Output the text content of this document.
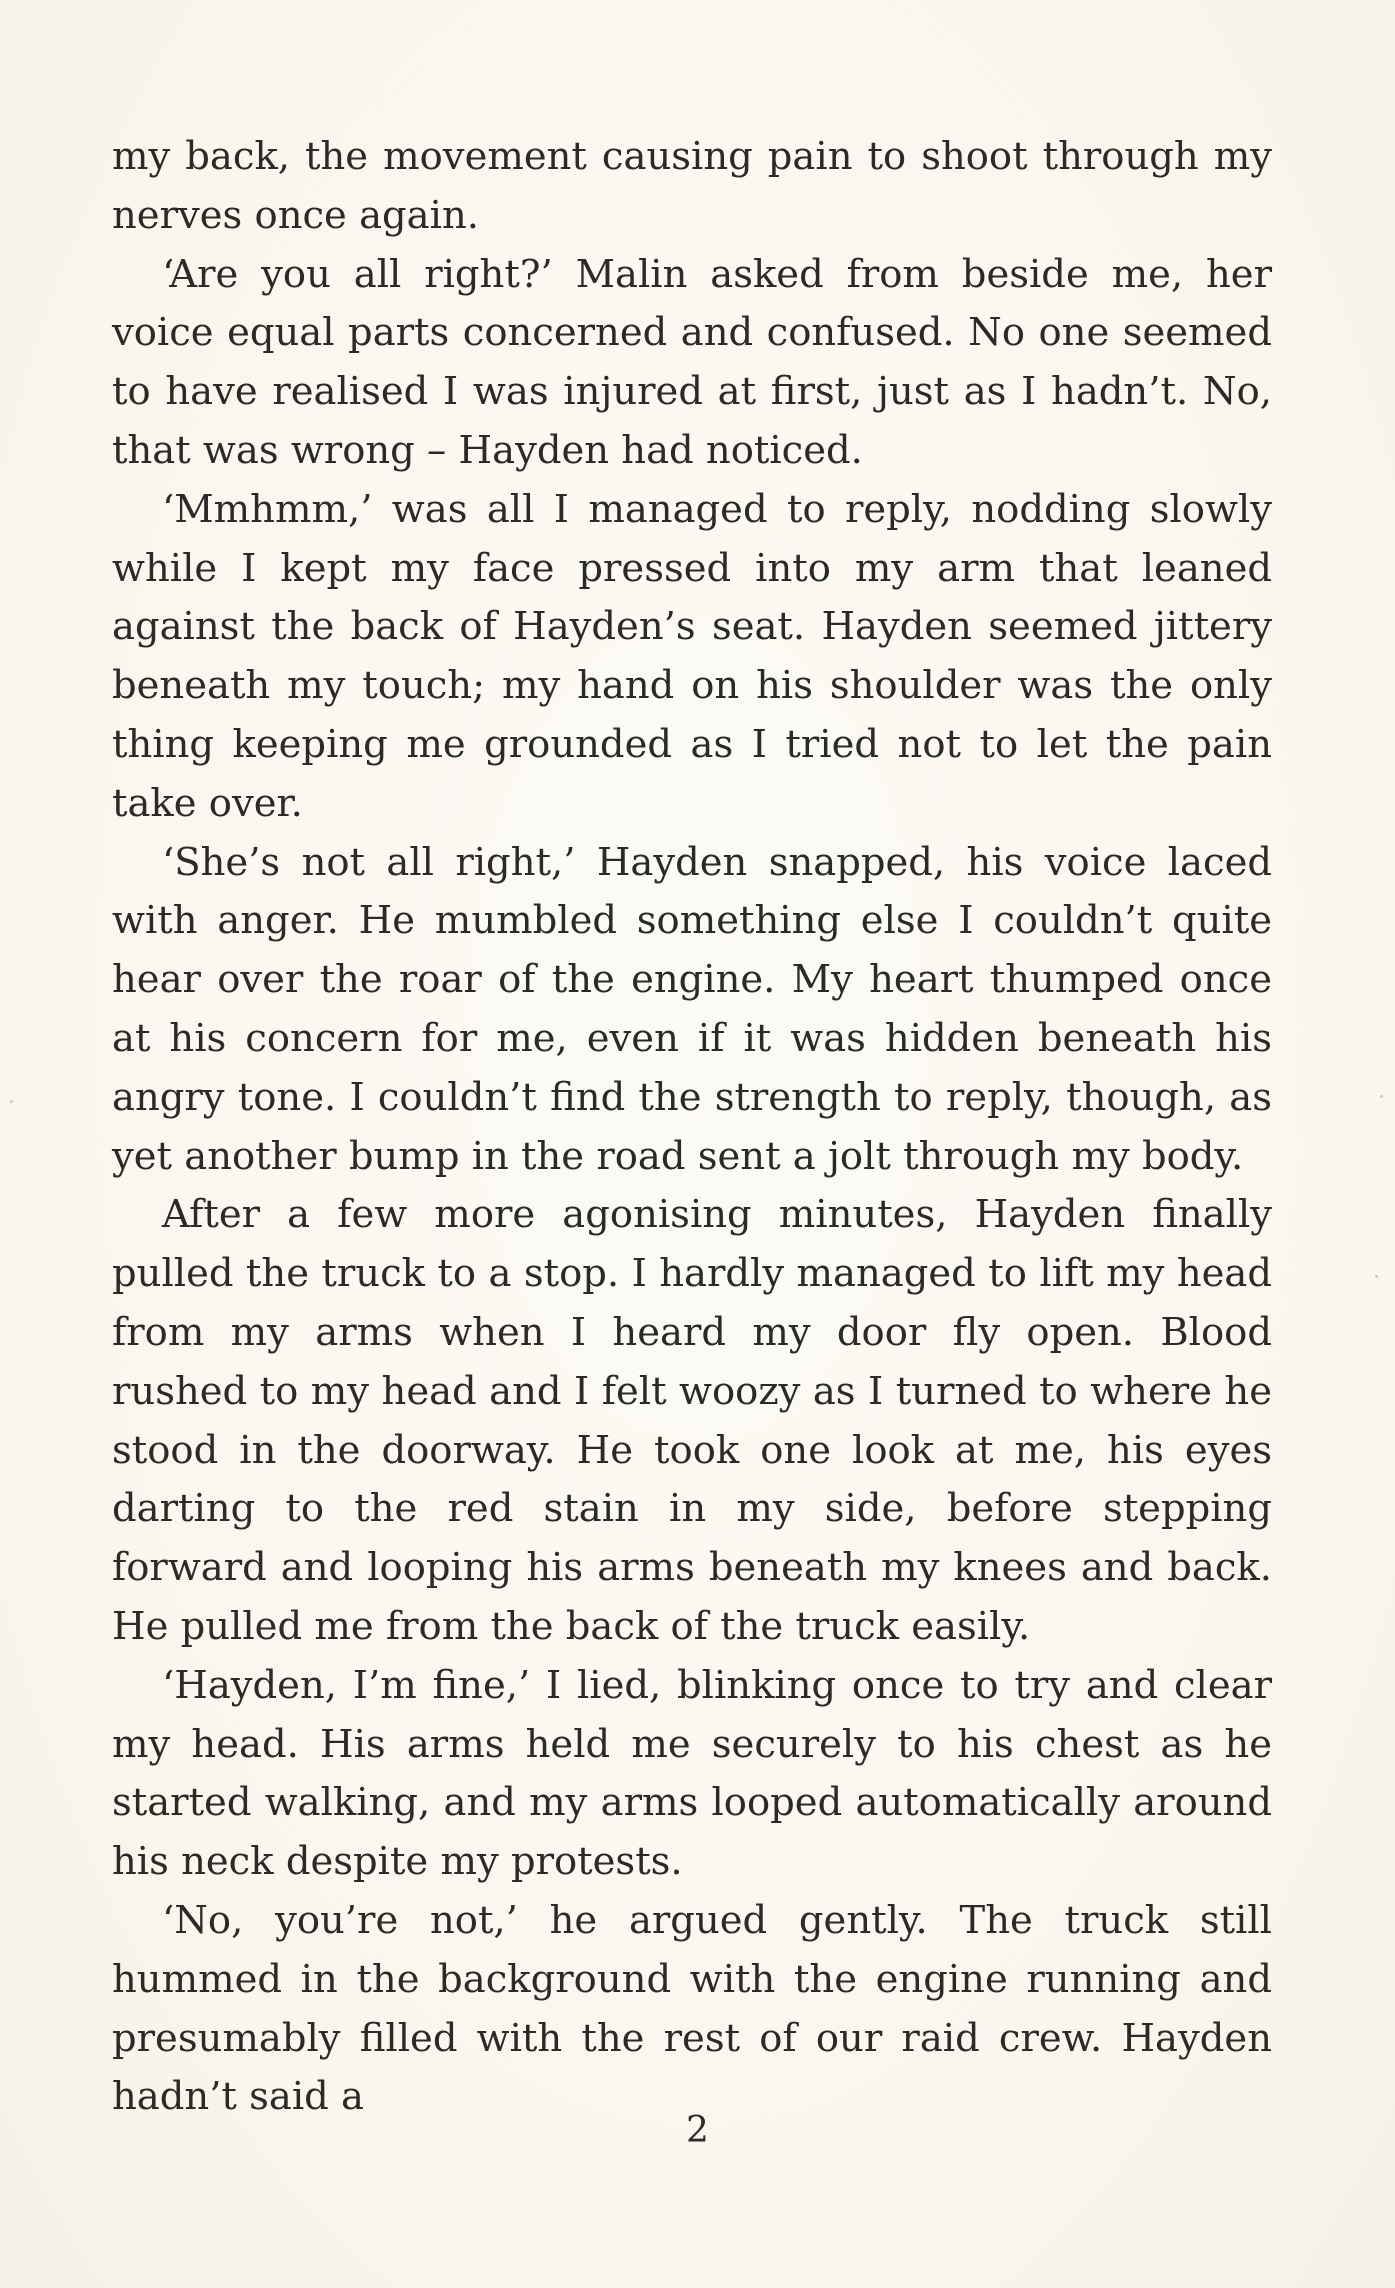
my back, the movement causing pain to shoot through my nerves once again.

‘Are you all right?’ Malin asked from beside me, her voice equal parts concerned and confused. No one seemed to have realised I was injured at first, just as I hadn’t. No, that was wrong – Hayden had noticed.

‘Mmhmm,’ was all I managed to reply, nodding slowly while I kept my face pressed into my arm that leaned against the back of Hayden’s seat. Hayden seemed jittery beneath my touch; my hand on his shoulder was the only thing keeping me grounded as I tried not to let the pain take over.

‘She’s not all right,’ Hayden snapped, his voice laced with anger. He mumbled something else I couldn’t quite hear over the roar of the engine. My heart thumped once at his concern for me, even if it was hidden beneath his angry tone. I couldn’t find the strength to reply, though, as yet another bump in the road sent a jolt through my body.

After a few more agonising minutes, Hayden finally pulled the truck to a stop. I hardly managed to lift my head from my arms when I heard my door fly open. Blood rushed to my head and I felt woozy as I turned to where he stood in the doorway. He took one look at me, his eyes darting to the red stain in my side, before stepping forward and looping his arms beneath my knees and back. He pulled me from the back of the truck easily.

‘Hayden, I’m fine,’ I lied, blinking once to try and clear my head. His arms held me securely to his chest as he started walking, and my arms looped automatically around his neck despite my protests.

‘No, you’re not,’ he argued gently. The truck still hummed in the background with the engine running and presumably filled with the rest of our raid crew. Hayden hadn’t said a

2
